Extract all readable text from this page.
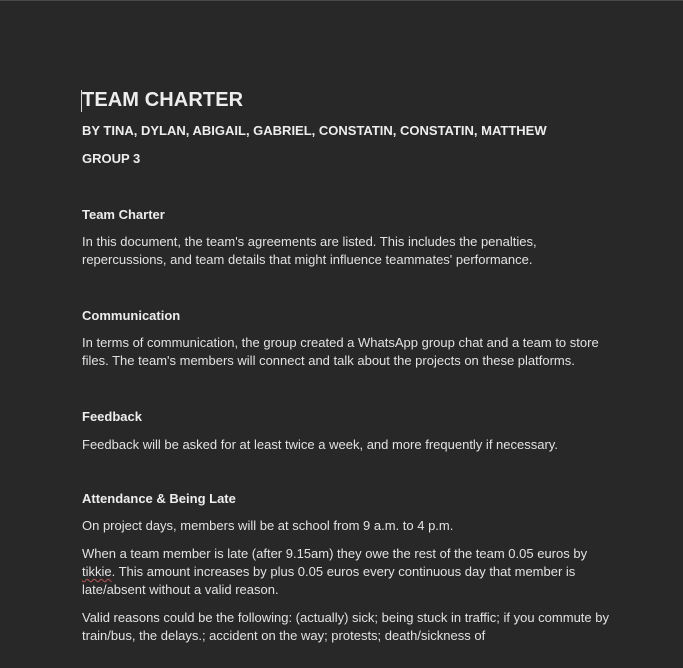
TEAM CHARTER
BY TINA, DYLAN, ABIGAIL, GABRIEL, CONSTATIN, CONSTATIN, MATTHEW
GROUP 3
Team Charter

In this document, the team's agreements are listed. This includes the penalties, repercussions, and team details that might influence teammates' performance.

Communication

In terms of communication, the group created a WhatsApp group chat and a team to store files. The team's members will connect and talk about the projects on these platforms.

Feedback

Feedback will be asked for at least twice a week, and more frequently if necessary.

Attendance & Being Late

On project days, members will be at school from 9 a.m. to 4 p.m.

When a team member is late (after 9.15am) they owe the rest of the team 0.05 euros by tikkie. This amount increases by plus 0.05 euros every continuous day that member is late/absent without a valid reason.

Valid reasons could be the following: (actually) sick; being stuck in traffic; if you commute by train/bus, the delays.; accident on the way; protests; death/sickness of
